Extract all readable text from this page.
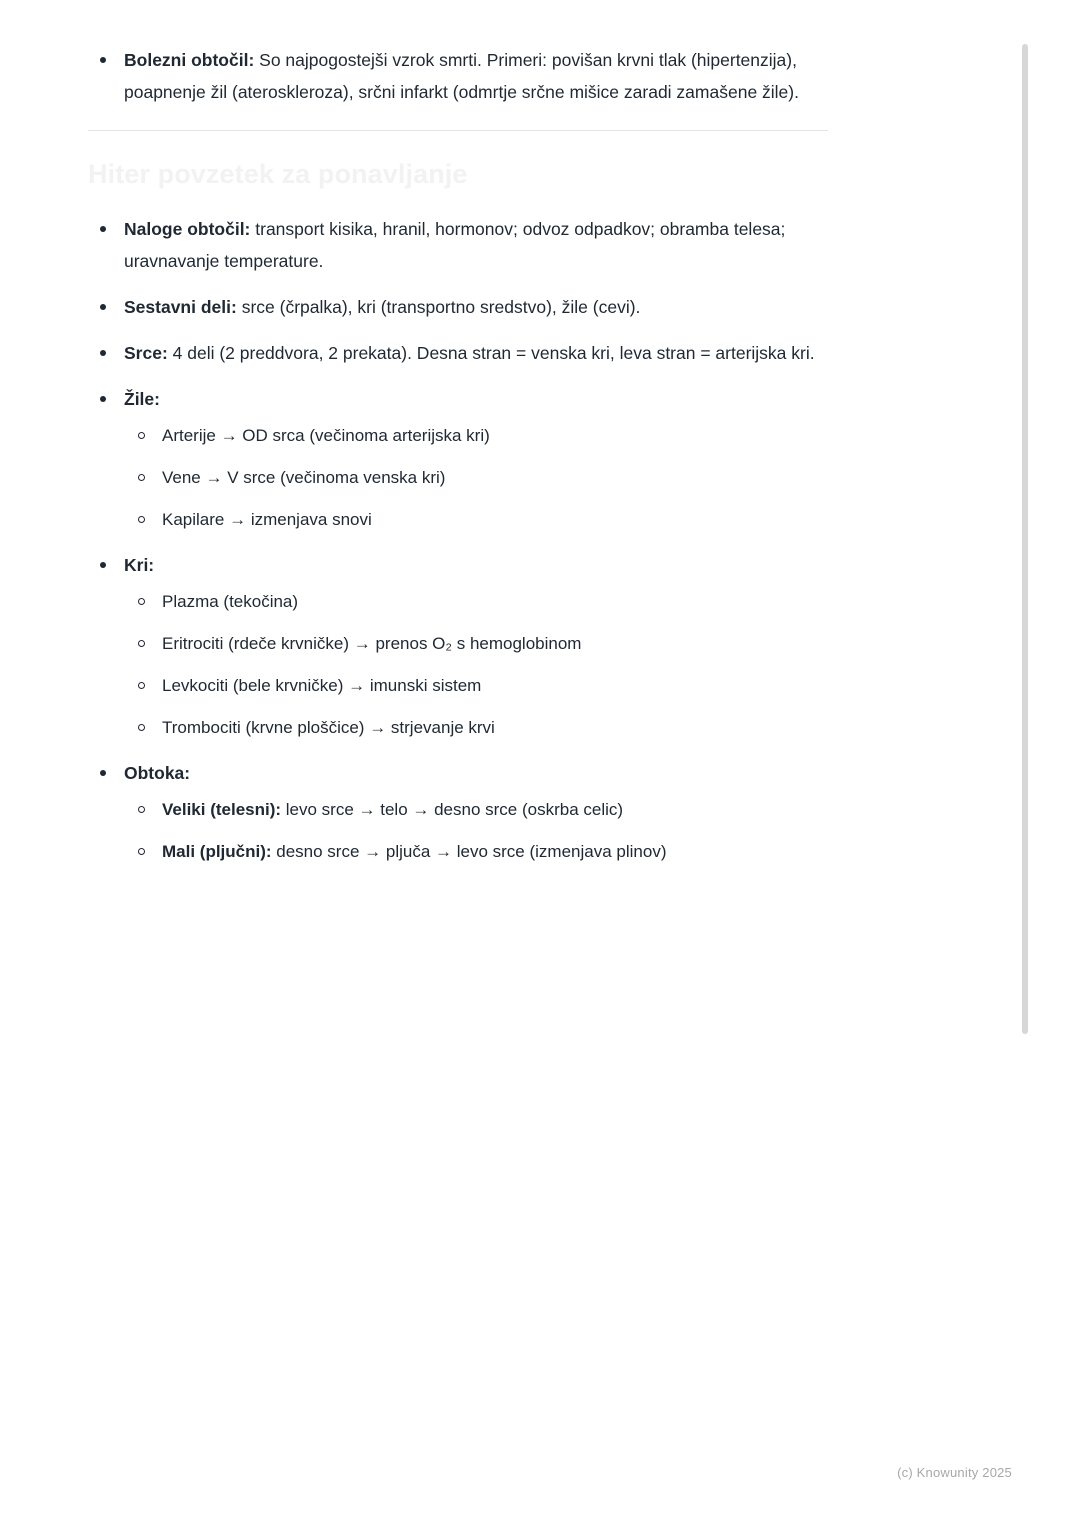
Bolezni obtočil: So najpogostejši vzrok smrti. Primeri: povišan krvni tlak (hipertenzija), poapnenje žil (ateroskleroza), srčni infarkt (odmrtje srčne mišice zaradi zamašene žile).
Hiter povzetek za ponavljanje
Naloge obtočil: transport kisika, hranil, hormonov; odvoz odpadkov; obramba telesa; uravnavanje temperature.
Sestavni deli: srce (črpalka), kri (transportno sredstvo), žile (cevi).
Srce: 4 deli (2 preddvora, 2 prekata). Desna stran = venska kri, leva stran = arterijska kri.
Žile:
Arterije → OD srca (večinoma arterijska kri)
Vene → V srce (večinoma venska kri)
Kapilare → izmenjava snovi
Kri:
Plazma (tekočina)
Eritrociti (rdeče krvničke) → prenos O₂ s hemoglobinom
Levkociti (bele krvničke) → imunski sistem
Trombociti (krvne ploščice) → strjevanje krvi
Obtoka:
Veliki (telesni): levo srce → telo → desno srce (oskrba celic)
Mali (pljučni): desno srce → pljuča → levo srce (izmenjava plinov)
(c) Knowunity 2025
